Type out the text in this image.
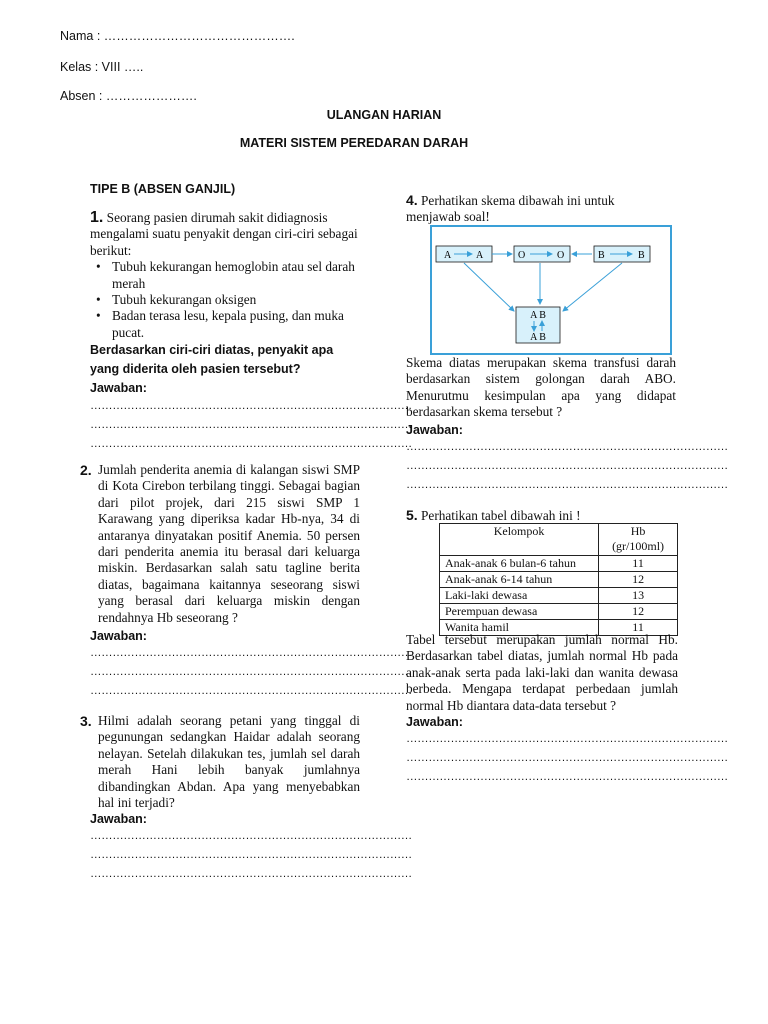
Nama : ……………………………………….
Kelas : VIII …..
Absen : ………………….
ULANGAN HARIAN
MATERI SISTEM PEREDARAN DARAH
TIPE B (ABSEN GANJIL)
1. Seorang pasien dirumah sakit didiagnosis mengalami suatu penyakit dengan ciri-ciri sebagai berikut:
• Tubuh kekurangan hemoglobin atau sel darah merah
• Tubuh kekurangan oksigen
• Badan terasa lesu, kepala pusing, dan muka pucat.
Berdasarkan ciri-ciri diatas, penyakit apa yang diderita oleh pasien tersebut?
Jawaban:
……………………………………………………………………………
……………………………………………………………………………
……………………………………………………………………………
2. Jumlah penderita anemia di kalangan siswi SMP di Kota Cirebon terbilang tinggi. Sebagai bagian dari pilot projek, dari 215 siswi SMP 1 Karawang yang diperiksa kadar Hb-nya, 34 di antaranya dinyatakan positif Anemia. 50 persen dari penderita anemia itu berasal dari keluarga miskin. Berdasarkan salah satu tagline berita diatas, bagaimana kaitannya seseorang siswi yang berasal dari keluarga miskin dengan rendahnya Hb seseorang ?
Jawaban:
……………………………………………………………………………
……………………………………………………………………………
……………………………………………………………………………
3. Hilmi adalah seorang petani yang tinggal di pegunungan sedangkan Haidar adalah seorang nelayan. Setelah dilakukan tes, jumlah sel darah merah Hani lebih banyak jumlahnya dibandingkan Abdan. Apa yang menyebabkan hal ini terjadi?
Jawaban:
……………………………………………………………………………
……………………………………………………………………………
……………………………………………………………………………
4. Perhatikan skema dibawah ini untuk menjawab soal!
A A	O	O	B	B
A B
A B
Skema diatas merupakan skema transfusi darah berdasarkan sistem golongan darah ABO. Menurutmu kesimpulan apa yang didapat berdasarkan skema tersebut ?
Jawaban:
……………………………………………………………………………
……………………………………………………………………………
……………………………………………………………………………
5. Perhatikan tabel dibawah ini !
Kelompok	Hb (gr/100ml)
Anak-anak 6 bulan-6 tahun	11
Anak-anak 6-14 tahun	12
Laki-laki dewasa	13
Perempuan dewasa	12
Wanita hamil	11
Tabel tersebut merupakan jumlah normal Hb. Berdasarkan tabel diatas, jumlah normal Hb pada anak-anak serta pada laki-laki dan wanita dewasa berbeda. Mengapa terdapat perbedaan jumlah normal Hb diantara data-data tersebut ?
Jawaban:
……………………………………………………………………………
……………………………………………………………………………
……………………………………………………………………………
